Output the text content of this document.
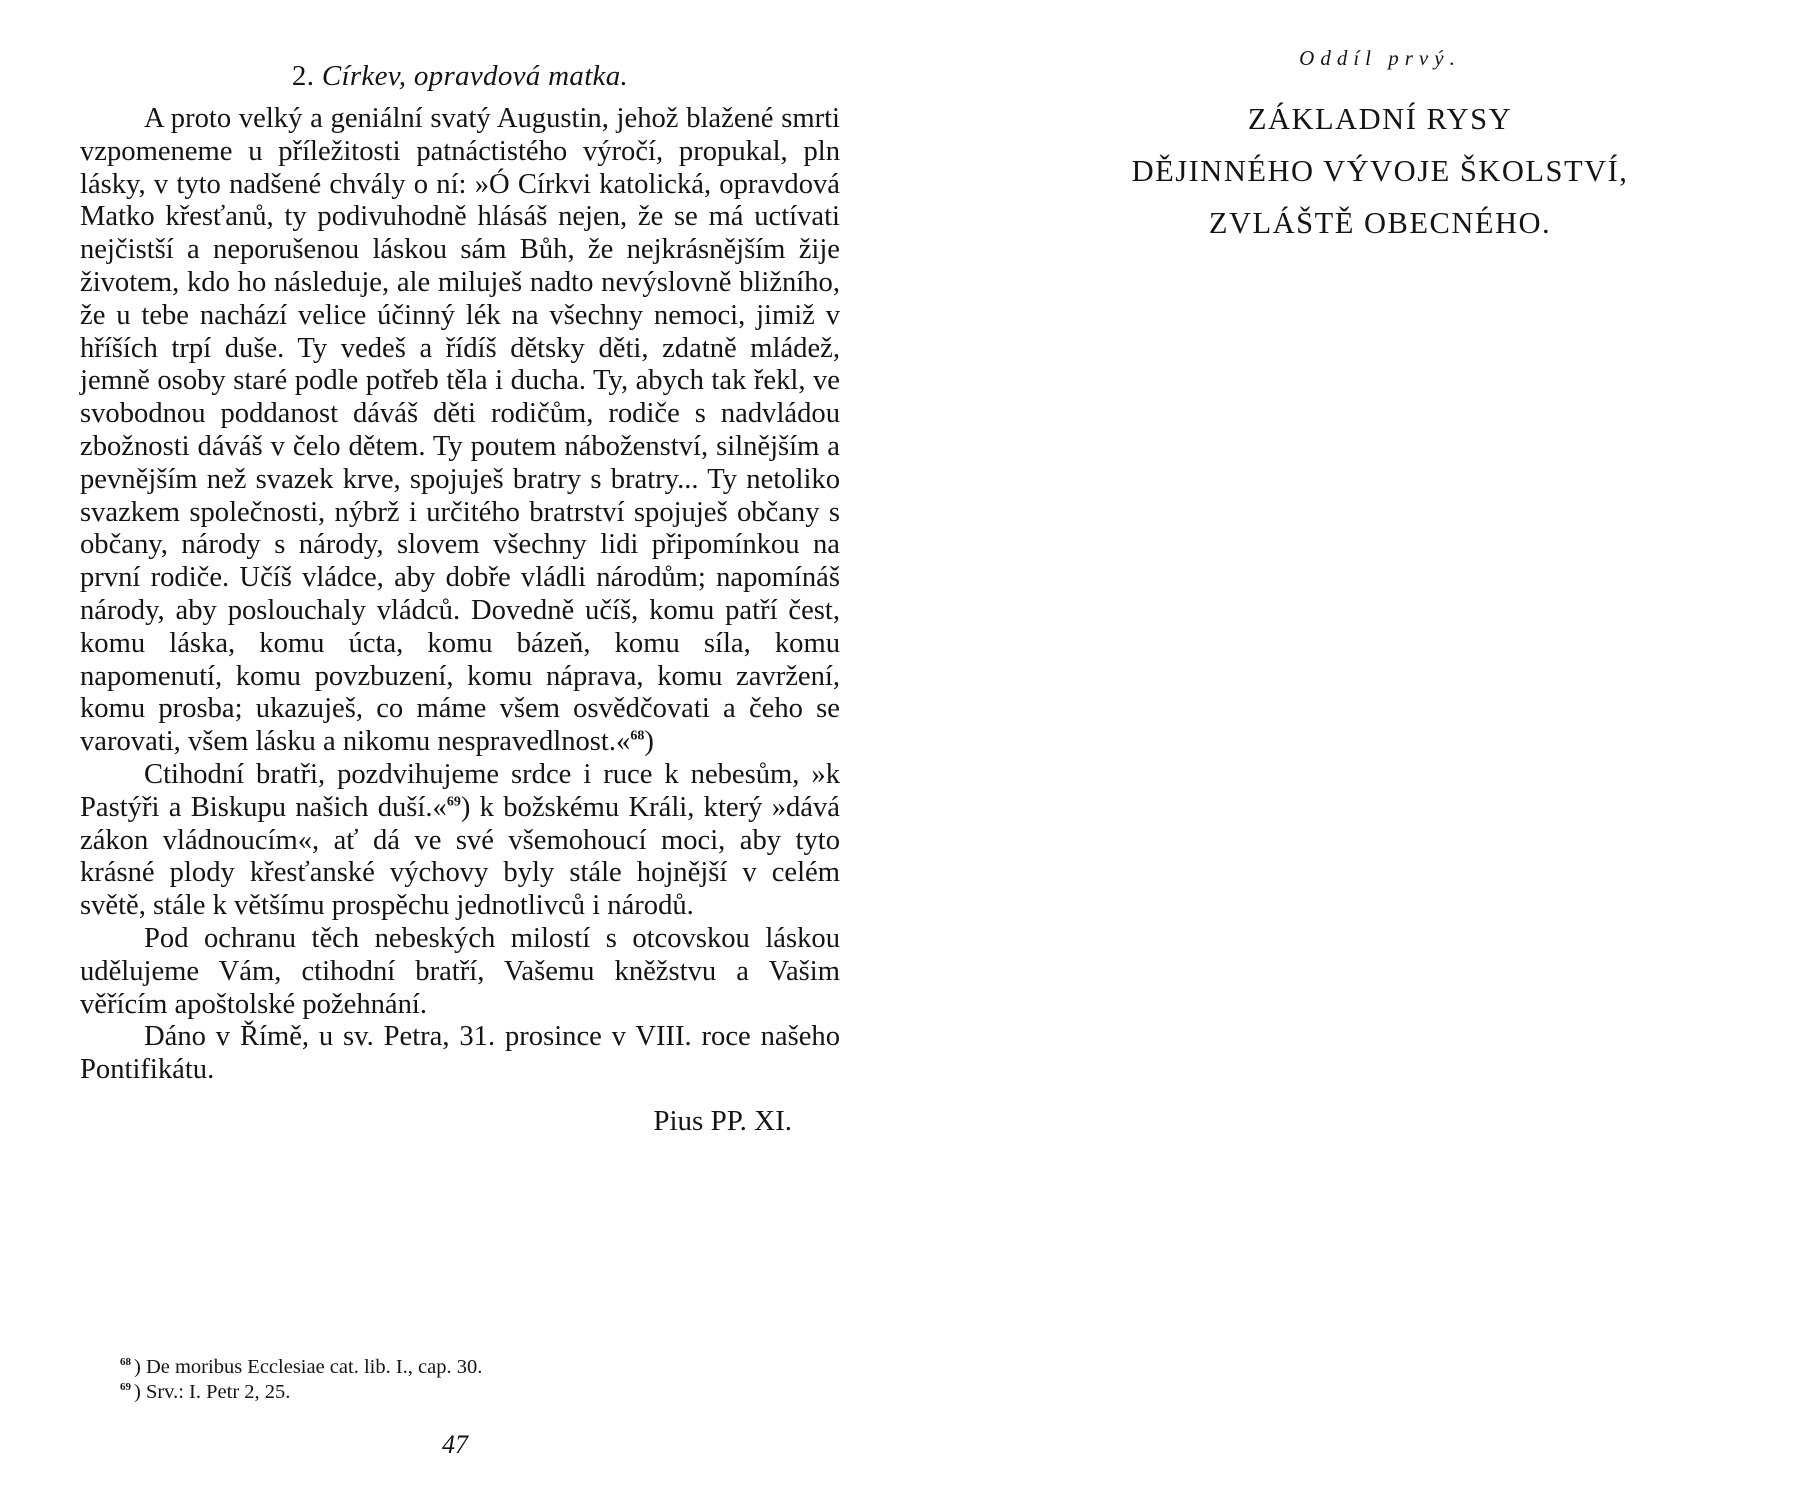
2. Církev, opravdová matka.

A proto velký a geniální svatý Augustin, jehož blažené smrti vzpomeneme u příležitosti patnáctistého výročí, propukal, pln lásky, v tyto nadšené chvály o ní: »Ó Církvi katolická, opravdová Matko křesťanů, ty podivuhodně hlásáš nejen, že se má uctívati nejčistší a neporušenou láskou sám Bůh, že nejkrásnějším žije životem, kdo ho následuje, ale miluješ nadto nevýslovně bližního, že u tebe nachází velice účinný lék na všechny nemoci, jimiž v hříších trpí duše. Ty vedeš a řídíš dětsky děti, zdatně mládež, jemně osoby staré podle potřeb těla i ducha. Ty, abych tak řekl, ve svobodnou poddanost dáváš děti rodičům, rodiče s nadvládou zbožnosti dáváš v čelo dětem. Ty poutem náboženství, silnějším a pevnějším než svazek krve, spojuješ bratry s bratry... Ty netoliko svazkem společnosti, nýbrž i určitého bratrství spojuješ občany s občany, národy s národy, slovem všechny lidi připomínkou na první rodiče. Učíš vládce, aby dobře vládli národům; napomínáš národy, aby poslouchaly vládců. Dovedně učíš, komu patří čest, komu láska, komu úcta, komu bázeň, komu síla, komu napomenutí, komu povzbuzení, komu náprava, komu zavržení, komu prosba; ukazuješ, co máme všem osvědčovati a čeho se varovati, všem lásku a nikomu nespravedlnost.«$^{68}$)

Ctihodní bratři, pozdvihujeme srdce i ruce k nebesům, »k Pastýři a Biskupu našich duší.«$^{69}$) k božskému Králi, který »dává zákon vládnoucím«, ať dá ve své všemohoucí moci, aby tyto krásné plody křesťanské výchovy byly stále hojnější v celém světě, stále k většímu prospěchu jednotlivců i národů.

Pod ochranu těch nebeských milostí s otcovskou láskou udělujeme Vám, ctihodní bratří, Vašemu kněžstvu a Vašim věřícím apoštolské požehnání.

Dáno v Římě, u sv. Petra, 31. prosince v VIII. roce našeho Pontifikátu.

Pius PP. XI.
$^{68}$ ) De moribus Ecclesiae cat. lib. I., cap. 30.
$^{69}$ ) Srv.: I. Petr 2, 25.
47
Oddíl prvý.
ZÁKLADNÍ RYSY
DĚJINNÉHO VÝVOJE ŠKOLSTVÍ,
ZVLÁŠTĚ OBECNÉHO.
